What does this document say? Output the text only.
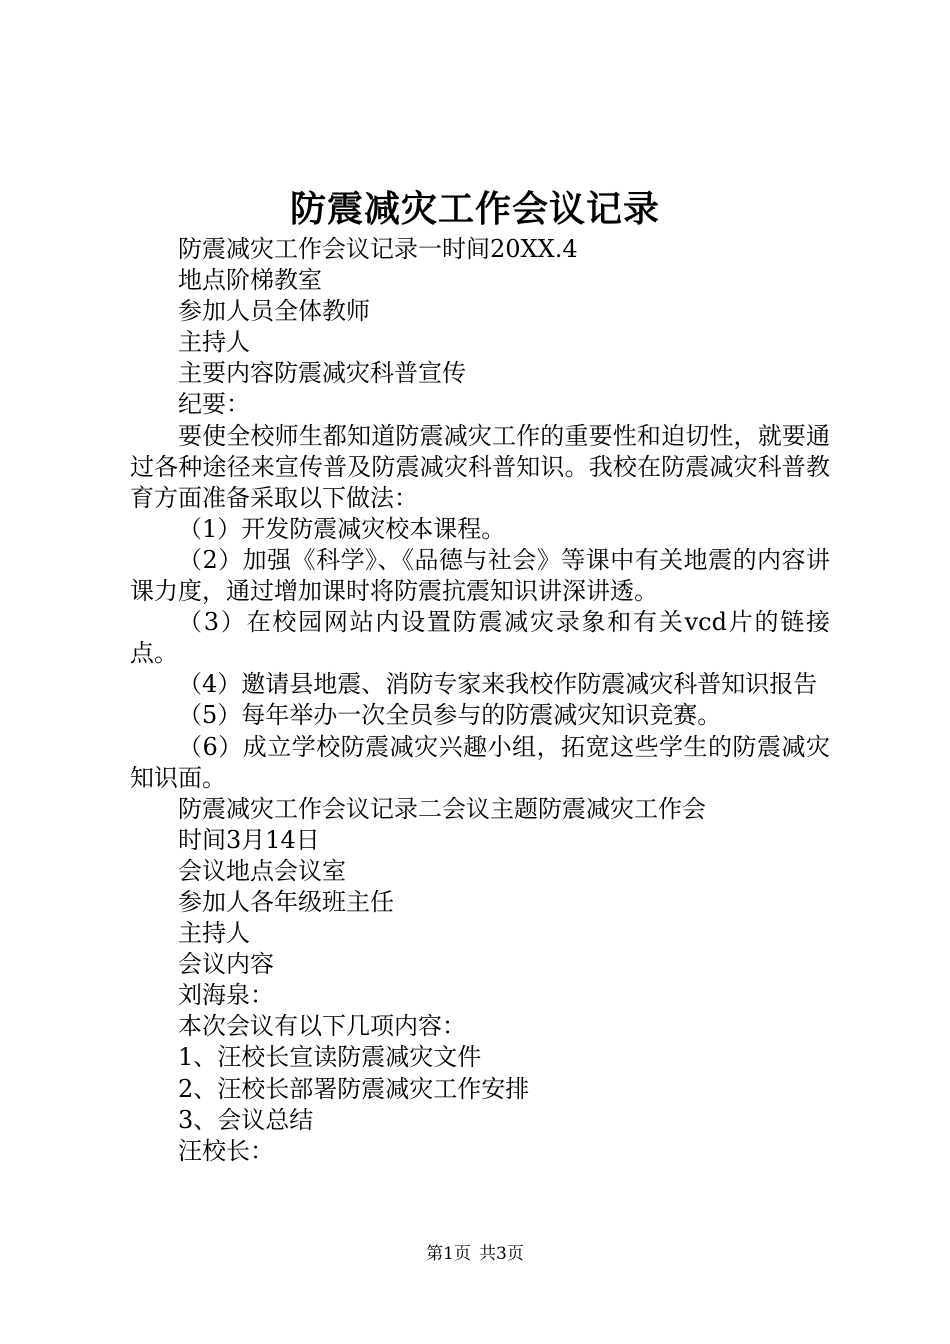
防震减灾工作会议记录

防震减灾工作会议记录一时间20XX.4

地点阶梯教室

参加人员全体教师

主持人

主要内容防震减灾科普宣传

纪要：

要使全校师生都知道防震减灾工作的重要性和迫切性，就要通过各种途径来宣传普及防震减灾科普知识。我校在防震减灾科普教育方面准备采取以下做法：

（1）开发防震减灾校本课程。

（2）加强《科学》、《品德与社会》等课中有关地震的内容讲课力度，通过增加课时将防震抗震知识讲深讲透。

（3）在校园网站内设置防震减灾录象和有关vcd片的链接点。

（4）邀请县地震、消防专家来我校作防震减灾科普知识报告

（5）每年举办一次全员参与的防震减灾知识竞赛。

（6）成立学校防震减灾兴趣小组，拓宽这些学生的防震减灾知识面。

防震减灾工作会议记录二会议主题防震减灾工作会

时间3月14日

会议地点会议室

参加人各年级班主任

主持人

会议内容

刘海泉：

本次会议有以下几项内容：

1、汪校长宣读防震减灾文件

2、汪校长部署防震减灾工作安排

3、会议总结

汪校长：

第1页 共3页
